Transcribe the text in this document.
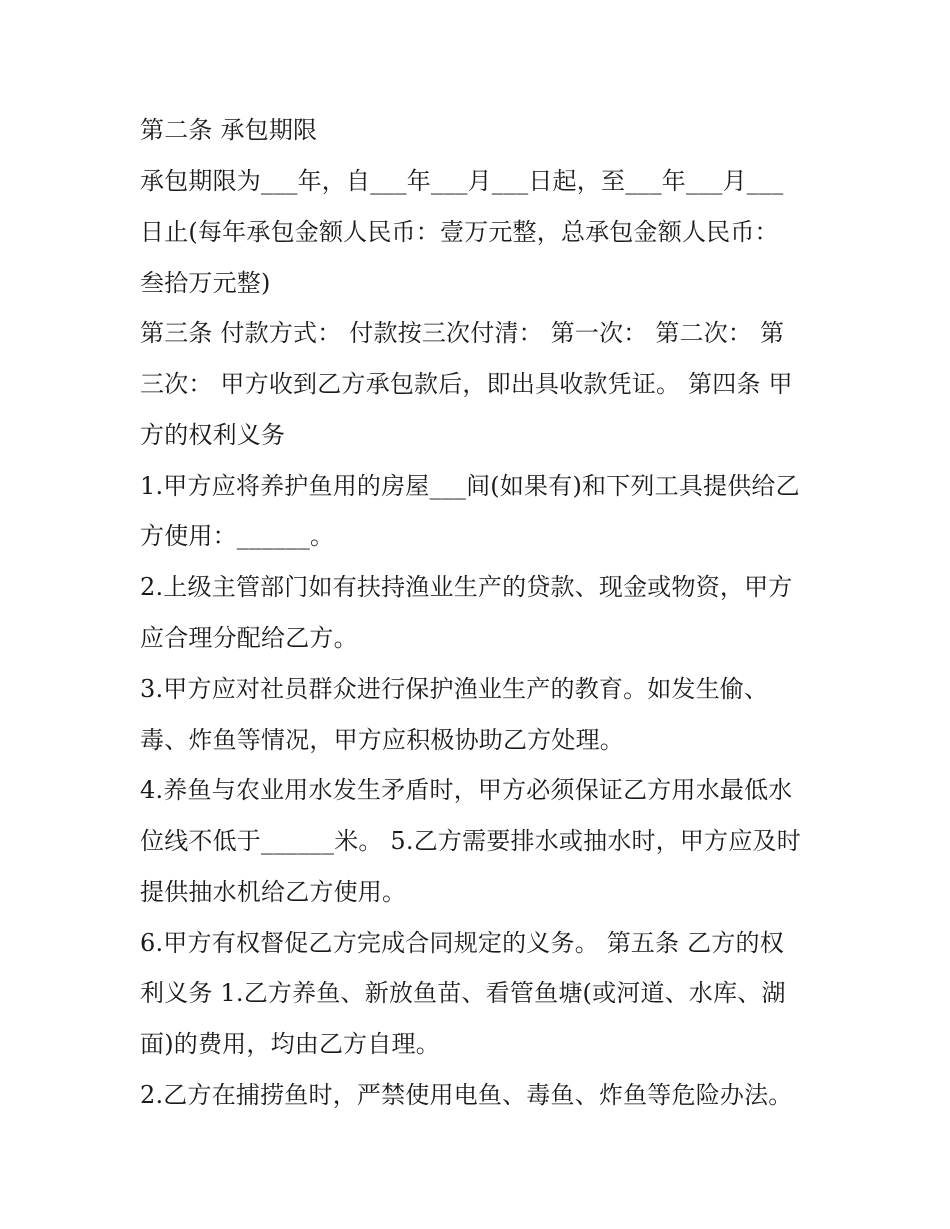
第二条 承包期限
承包期限为___年，自___年___月___日起，至___年___月___
日止(每年承包金额人民币：壹万元整，总承包金额人民币：
叁拾万元整)
第三条 付款方式： 付款按三次付清： 第一次： 第二次： 第
三次： 甲方收到乙方承包款后，即出具收款凭证。 第四条 甲
方的权利义务
1.甲方应将养护鱼用的房屋___间(如果有)和下列工具提供给乙
方使用：______。
2.上级主管部门如有扶持渔业生产的贷款、现金或物资，甲方
应合理分配给乙方。
3.甲方应对社员群众进行保护渔业生产的教育。如发生偷、
毒、炸鱼等情况，甲方应积极协助乙方处理。
4.养鱼与农业用水发生矛盾时，甲方必须保证乙方用水最低水
位线不低于______米。 5.乙方需要排水或抽水时，甲方应及时
提供抽水机给乙方使用。
6.甲方有权督促乙方完成合同规定的义务。 第五条 乙方的权
利义务 1.乙方养鱼、新放鱼苗、看管鱼塘(或河道、水库、湖
面)的费用，均由乙方自理。
2.乙方在捕捞鱼时，严禁使用电鱼、毒鱼、炸鱼等危险办法。
